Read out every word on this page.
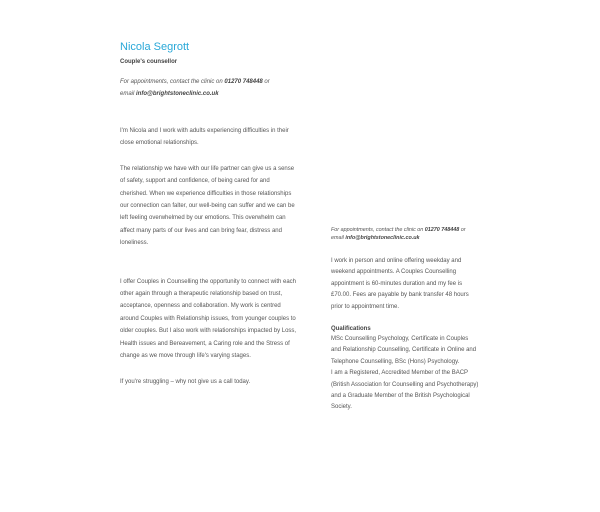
Nicola Segrott
Couple's counsellor
For appointments, contact the clinic on 01270 748448 or
email info@brightstoneclinic.co.uk

I'm Nicola and I work with adults experiencing difficulties in their close emotional relationships.

The relationship we have with our life partner can give us a sense of safety, support and confidence, of being cared for and cherished. When we experience difficulties in those relationships our connection can falter, our well-being can suffer and we can be left feeling overwhelmed by our emotions. This overwhelm can affect many parts of our lives and can bring fear, distress and loneliness.

I offer Couples in Counselling the opportunity to connect with each other again through a therapeutic relationship based on trust, acceptance, openness and collaboration. My work is centred around Couples with Relationship issues, from younger couples to older couples. But I also work with relationships impacted by Loss, Health issues and Bereavement, a Caring role and the Stress of change as we move through life's varying stages.

If you're struggling – why not give us a call today.

For appointments, contact the clinic on 01270 748448 or
email info@brightstoneclinic.co.uk

I work in person and online offering weekday and weekend appointments. A Couples Counselling appointment is 60-minutes duration and my fee is £70.00. Fees are payable by bank transfer 48 hours prior to appointment time.

Qualifications

MSc Counselling Psychology, Certificate in Couples and Relationship Counselling, Certificate in Online and Telephone Counselling, BSc (Hons) Psychology.

I am a Registered, Accredited Member of the BACP (British Association for Counselling and Psychotherapy) and a Graduate Member of the British Psychological Society.
